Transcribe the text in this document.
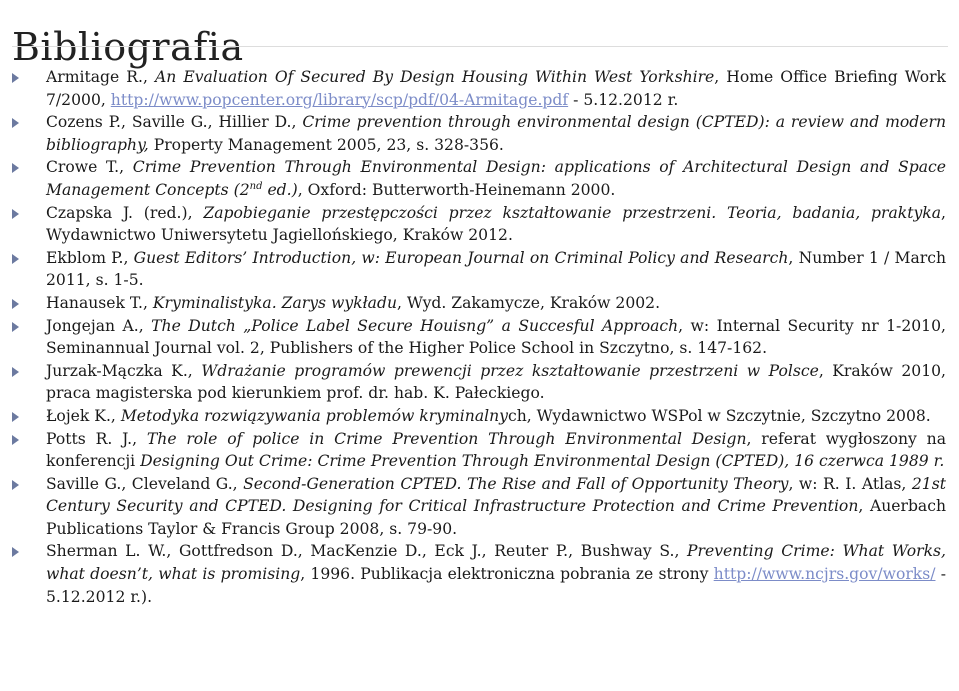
Bibliografia
Armitage R., An Evaluation Of Secured By Design Housing Within West Yorkshire, Home Office Briefing Work 7/2000, http://www.popcenter.org/library/scp/pdf/04-Armitage.pdf - 5.12.2012 r.
Cozens P., Saville G., Hillier D., Crime prevention through environmental design (CPTED): a review and modern bibliography, Property Management 2005, 23, s. 328-356.
Crowe T., Crime Prevention Through Environmental Design: applications of Architectural Design and Space Management Concepts (2nd ed.), Oxford: Butterworth-Heinemann 2000.
Czapska J. (red.), Zapobieganie przestępczości przez kształtowanie przestrzeni. Teoria, badania, praktyka, Wydawnictwo Uniwersytetu Jagiellońskiego, Kraków 2012.
Ekblom P., Guest Editors’ Introduction, w: European Journal on Criminal Policy and Research, Number 1 / March 2011, s. 1-5.
Hanausek T., Kryminalistyka. Zarys wykładu, Wyd. Zakamycze, Kraków 2002.
Jongejan A., The Dutch „Police Label Secure Houisng” a Succesful Approach, w: Internal Security nr 1-2010, Seminannual Journal vol. 2, Publishers of the Higher Police School in Szczytno, s. 147-162.
Jurzak-Mączka K., Wdrażanie programów prewencji przez kształtowanie przestrzeni w Polsce, Kraków 2010, praca magisterska pod kierunkiem prof. dr. hab. K. Pałeckiego.
Łojek K., Metodyka rozwiązywania problemów kryminalnych, Wydawnictwo WSPol w Szczytnie, Szczytno 2008.
Potts R. J., The role of police in Crime Prevention Through Environmental Design, referat wygłoszony na konferencji Designing Out Crime: Crime Prevention Through Environmental Design (CPTED), 16 czerwca 1989 r.
Saville G., Cleveland G., Second-Generation CPTED. The Rise and Fall of Opportunity Theory, w: R. I. Atlas, 21st Century Security and CPTED. Designing for Critical Infrastructure Protection and Crime Prevention, Auerbach Publications Taylor & Francis Group 2008, s. 79-90.
Sherman L. W., Gottfredson D., MacKenzie D., Eck J., Reuter P., Bushway S., Preventing Crime: What Works, what doesn’t, what is promising, 1996. Publikacja elektroniczna pobrania ze strony http://www.ncjrs.gov/works/ - 5.12.2012 r.).
